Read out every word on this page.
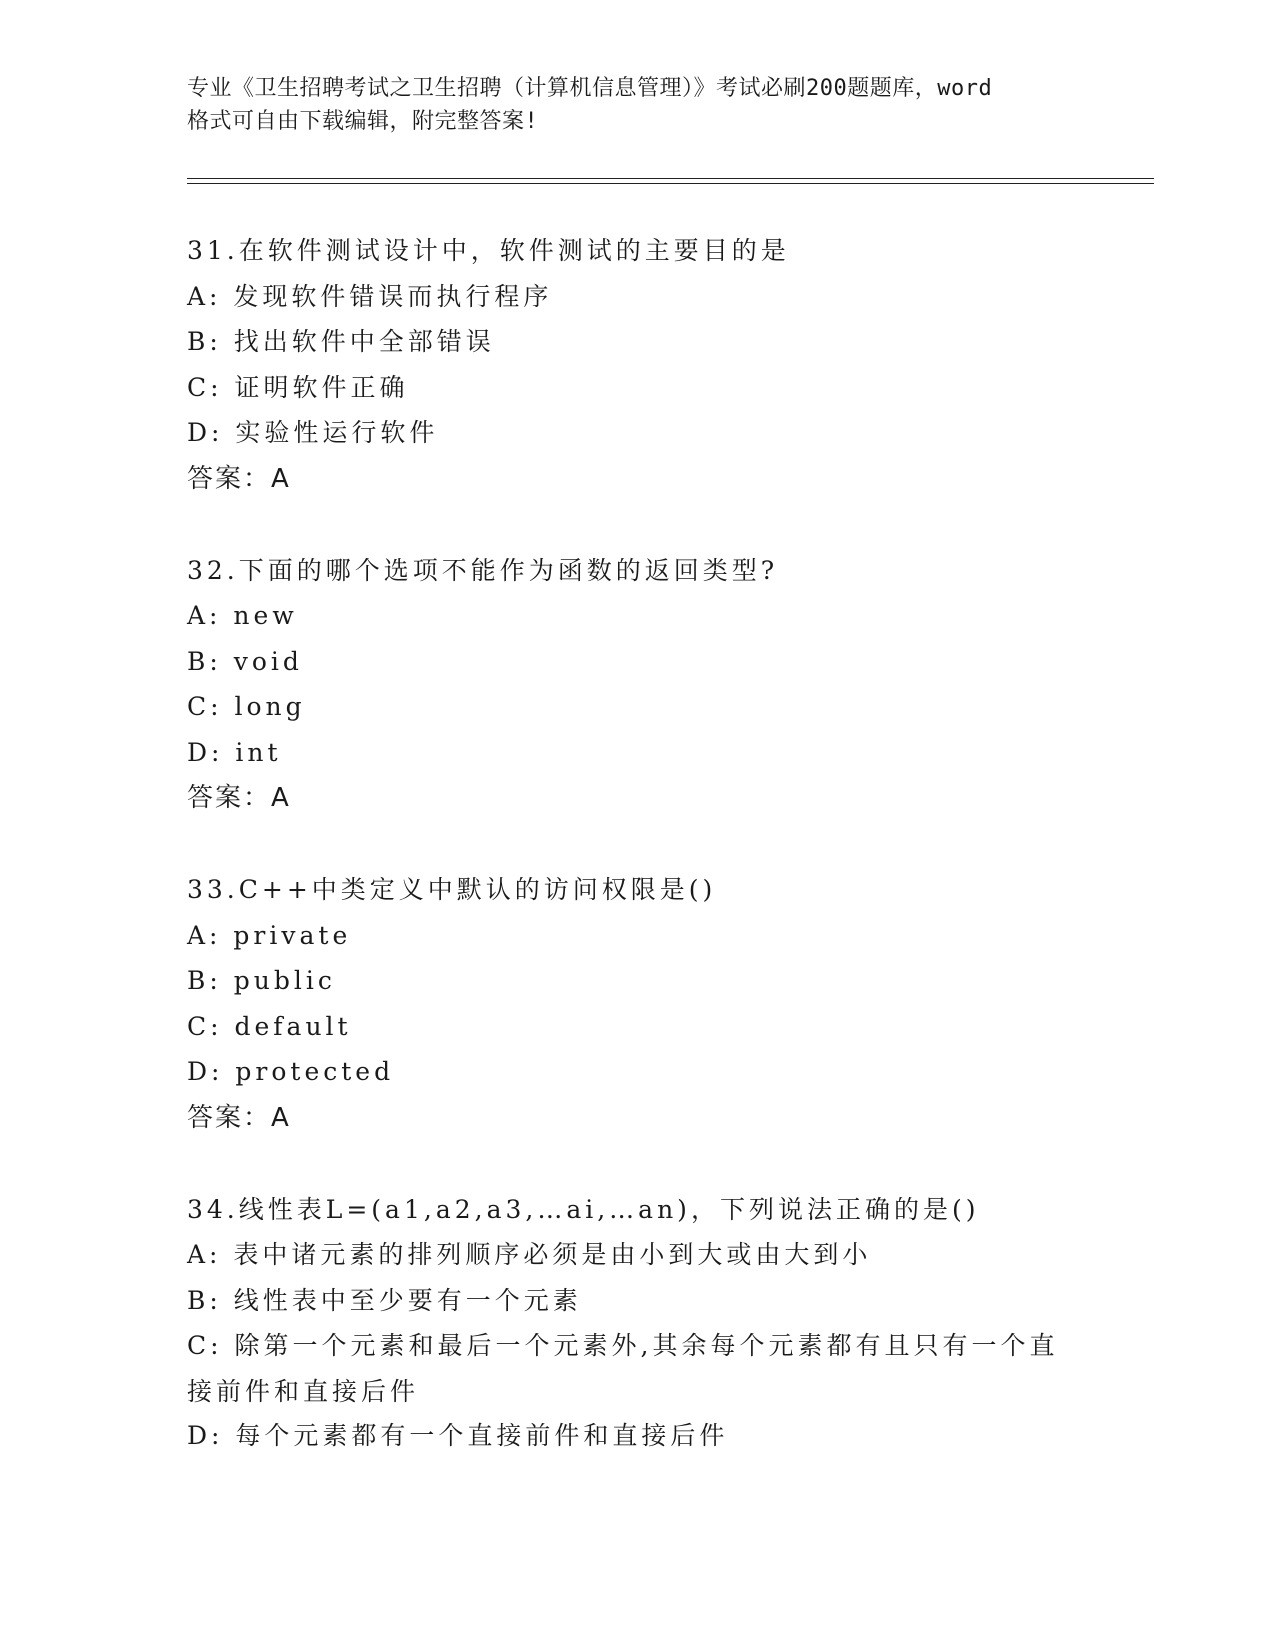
专业《卫生招聘考试之卫生招聘（计算机信息管理）》考试必刷200题题库，word
格式可自由下载编辑，附完整答案!
31.在软件测试设计中，软件测试的主要目的是
A: 发现软件错误而执行程序
B: 找出软件中全部错误
C: 证明软件正确
D: 实验性运行软件
答案：A
32.下面的哪个选项不能作为函数的返回类型?
A: new
B: void
C: long
D: int
答案：A
33.C++中类定义中默认的访问权限是()
A: private
B: public
C: default
D: protected
答案：A
34.线性表L=(a1,a2,a3,…ai,…an)，下列说法正确的是()
A: 表中诸元素的排列顺序必须是由小到大或由大到小
B: 线性表中至少要有一个元素
C: 除第一个元素和最后一个元素外,其余每个元素都有且只有一个直接前件和直接后件
D: 每个元素都有一个直接前件和直接后件
